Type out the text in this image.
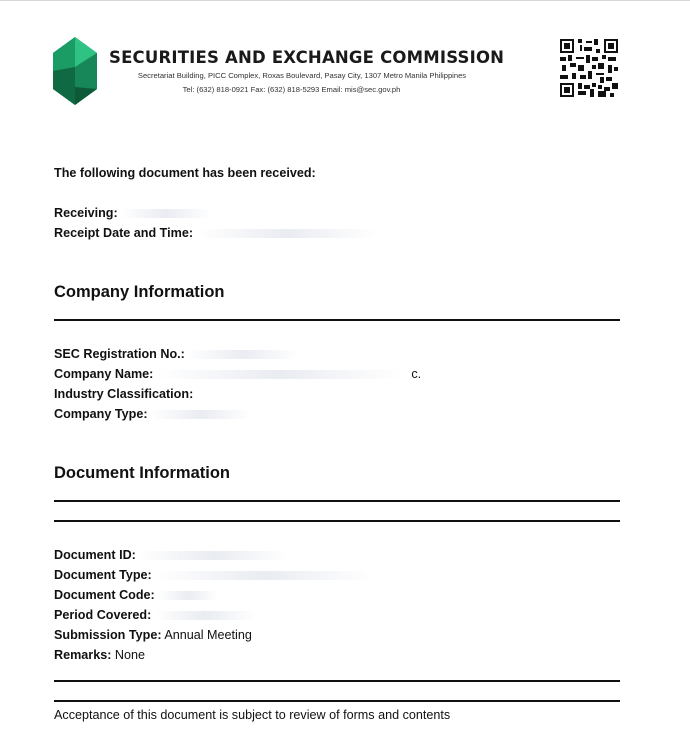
SECURITIES AND EXCHANGE COMMISSION
Secretariat Building, PICC Complex, Roxas Boulevard, Pasay City, 1307 Metro Manila Philippines
Tel: (632) 818-0921 Fax: (632) 818-5293 Email: mis@sec.gov.ph
The following document has been received:
Receiving:
Receipt Date and Time:
Company Information
SEC Registration No.:
Company Name:	c.
Industry Classification:
Company Type:
Document Information
Document ID:
Document Type:
Document Code:
Period Covered:
Submission Type: Annual Meeting
Remarks: None
Acceptance of this document is subject to review of forms and contents
